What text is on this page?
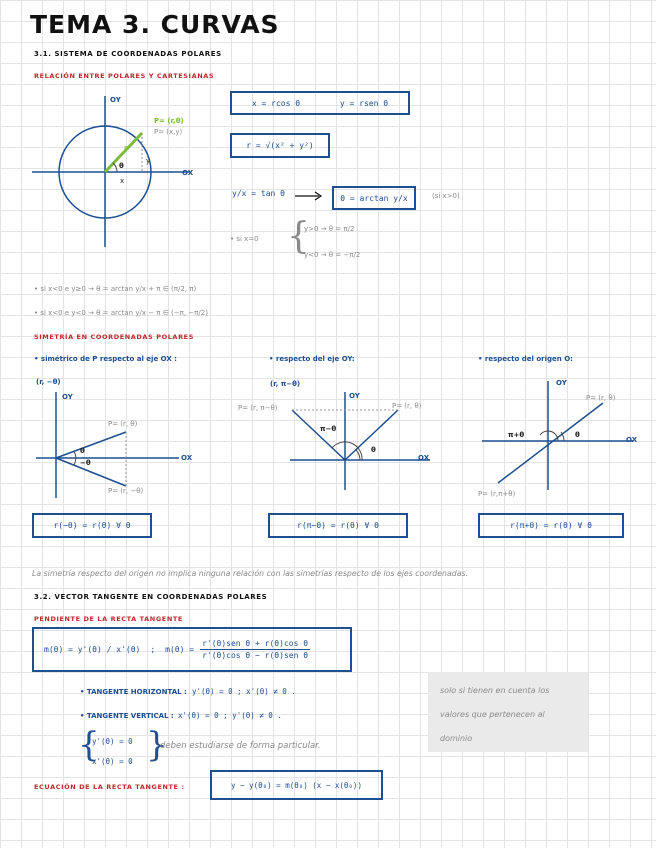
TEMA 3. CURVAS
3.1. SISTEMA DE COORDENADAS POLARES
RELACIÓN ENTRE POLARES Y CARTESIANAS
OY
OX
P= (r,θ)
P= (x,y)
r
y
x
θ
x = rcos θ	y = rsen θ
r = √(x² + y²)
y/x = tan θ	θ = arctan y/x	(si x>0)
• si x=0 {
y>0 → θ = π/2
y<0 → θ = −π/2
• si x<0 e y≥0 → θ = arctan y/x + π ∈ (π/2, π)
• si x<0 e y<0 → θ = arctan y/x − π ∈ (−π, −π/2)
SIMETRÍA EN COORDENADAS POLARES
• simétrico de P respecto al eje OX :
(r, −θ)
OY
OX
P= (r, θ)
P= (r, −θ)
θ
−θ
r(−θ) = r(θ) ∀ θ
• respecto del eje OY:
(r, π−θ)
OY
OX
P= (r, π−θ)	P= (r, θ)
π−θ
θ
r(π−θ) = r(θ) ∀ θ
• respecto del origen O:
OY
OX
P= (r, θ)
P= (r,π+θ)
π+θ	θ
r(π+θ) = r(θ) ∀ θ
La simetría respecto del origen no implica ninguna relación con las simetrías respecto de los ejes coordenadas.
3.2. VECTOR TANGENTE EN COORDENADAS POLARES
PENDIENTE DE LA RECTA TANGENTE
m(θ) = y'(θ) / x'(θ) ; m(θ) =
r'(θ)sen θ + r(θ)cos θ
r'(θ)cos θ − r(θ)sen θ
• TANGENTE HORIZONTAL : y'(θ) = 0 ; x'(θ) ≠ 0 .
• TANGENTE VERTICAL : x'(θ) = 0 ; y'(θ) ≠ 0 .
{
y'(θ) = 0
x'(θ) = 0 }
deben estudiarse de forma particular.
solo si tienen en cuenta los
valores que pertenecen al
dominio
ECUACIÓN DE LA RECTA TANGENTE :	y − y(θ₀) = m(θ₀) (x − x(θ₀))
